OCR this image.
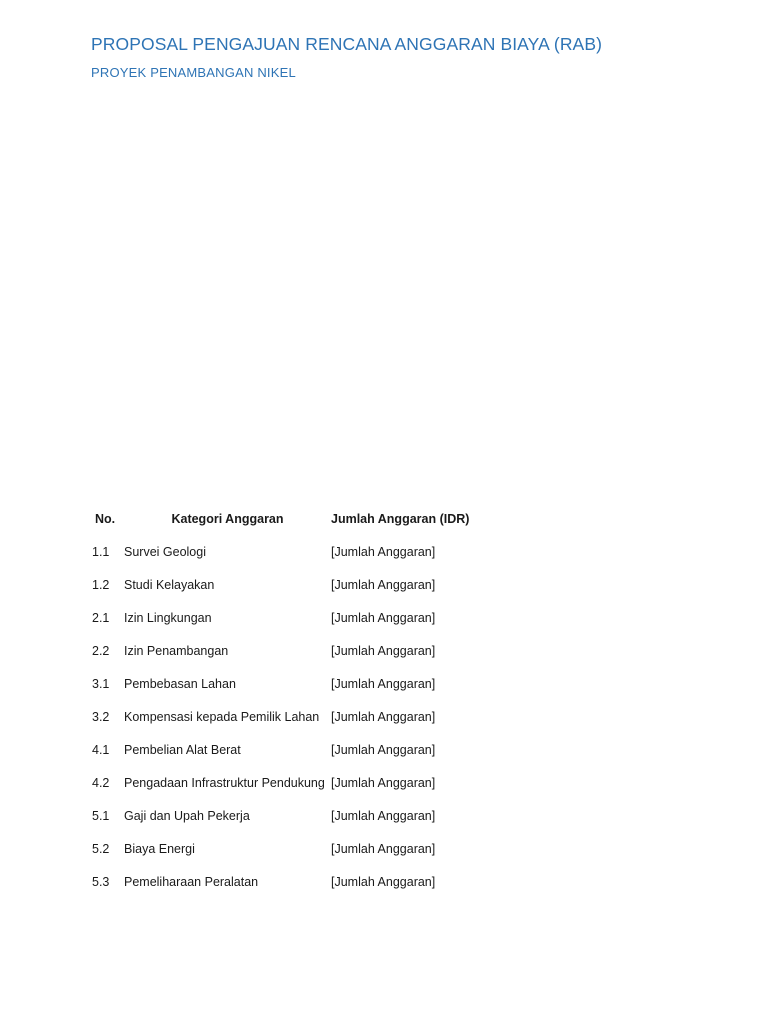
PROPOSAL PENGAJUAN RENCANA ANGGARAN BIAYA (RAB)
PROYEK PENAMBANGAN NIKEL
No.	Kategori Anggaran	Jumlah Anggaran (IDR)
1.1	Survei Geologi	[Jumlah Anggaran]
1.2	Studi Kelayakan	[Jumlah Anggaran]
2.1	Izin Lingkungan	[Jumlah Anggaran]
2.2	Izin Penambangan	[Jumlah Anggaran]
3.1	Pembebasan Lahan	[Jumlah Anggaran]
3.2	Kompensasi kepada Pemilik Lahan	[Jumlah Anggaran]
4.1	Pembelian Alat Berat	[Jumlah Anggaran]
4.2	Pengadaan Infrastruktur Pendukung	[Jumlah Anggaran]
5.1	Gaji dan Upah Pekerja	[Jumlah Anggaran]
5.2	Biaya Energi	[Jumlah Anggaran]
5.3	Pemeliharaan Peralatan	[Jumlah Anggaran]
